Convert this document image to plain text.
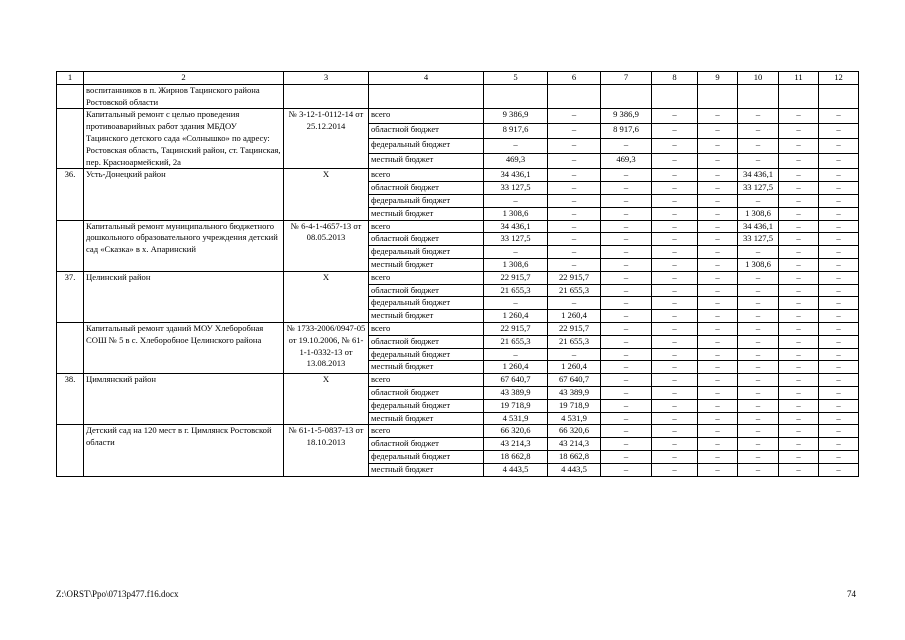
1	2	3	4	5	6	7	8	9	10	11	12
	воспитанников в п. Жирнов Тацинского района Ростовской области										
	Капитальный ремонт с целью проведения противоаварийных работ здания МБДОУ Тацинского детского сада «Солнышко» по адресу: Ростовская область, Тацинский район, ст. Тацинская, пер. Красноармейский, 2а	№ 3-12-1-0112-14 от 25.12.2014	всего	9 386,9	–	9 386,9	–	–	–	–	–
			областной бюджет	8 917,6	–	8 917,6	–	–	–	–	–
			федеральный бюджет	–	–	–	–	–	–	–	–
			местный бюджет	469,3	–	469,3	–	–	–	–	–
36.	Усть-Донецкий район	Х	всего	34 436,1	–	–	–	–	34 436,1	–	–
			областной бюджет	33 127,5	–	–	–	–	33 127,5	–	–
			федеральный бюджет	–	–	–	–	–	–	–	–
			местный бюджет	1 308,6	–	–	–	–	1 308,6	–	–
	Капитальный ремонт муниципального бюджетного дошкольного образовательного учреждения детский сад «Сказка» в х. Апаринский	№ 6-4-1-4657-13 от 08.05.2013	всего	34 436,1	–	–	–	–	34 436,1	–	–
			областной бюджет	33 127,5	–	–	–	–	33 127,5	–	–
			федеральный бюджет	–	–	–	–	–	–	–	–
			местный бюджет	1 308,6	–	–	–	–	1 308,6	–	–
37.	Целинский район	Х	всего	22 915,7	22 915,7	–	–	–	–	–	–
			областной бюджет	21 655,3	21 655,3	–	–	–	–	–	–
			федеральный бюджет	–	–	–	–	–	–	–	–
			местный бюджет	1 260,4	1 260,4	–	–	–	–	–	–
	Капитальный ремонт зданий МОУ Хлеборобная СОШ № 5 в с. Хлеборобное Целинского района	№ 1733-2006/0947-05 от 19.10.2006, № 61-1-1-0332-13 от 13.08.2013	всего	22 915,7	22 915,7	–	–	–	–	–	–
			областной бюджет	21 655,3	21 655,3	–	–	–	–	–	–
			федеральный бюджет	–	–	–	–	–	–	–	–
			местный бюджет	1 260,4	1 260,4	–	–	–	–	–	–
38.	Цимлянский район	Х	всего	67 640,7	67 640,7	–	–	–	–	–	–
			областной бюджет	43 389,9	43 389,9	–	–	–	–	–	–
			федеральный бюджет	19 718,9	19 718,9	–	–	–	–	–	–
			местный бюджет	4 531,9	4 531,9	–	–	–	–	–	–
	Детский сад на 120 мест в г. Цимлянск Ростовской области	№ 61-1-5-0837-13 от 18.10.2013	всего	66 320,6	66 320,6	–	–	–	–	–	–
			областной бюджет	43 214,3	43 214,3	–	–	–	–	–	–
			федеральный бюджет	18 662,8	18 662,8	–	–	–	–	–	–
			местный бюджет	4 443,5	4 443,5	–	–	–	–	–	–
Z:\ORST\Ppo\0713p477.f16.docx	74
